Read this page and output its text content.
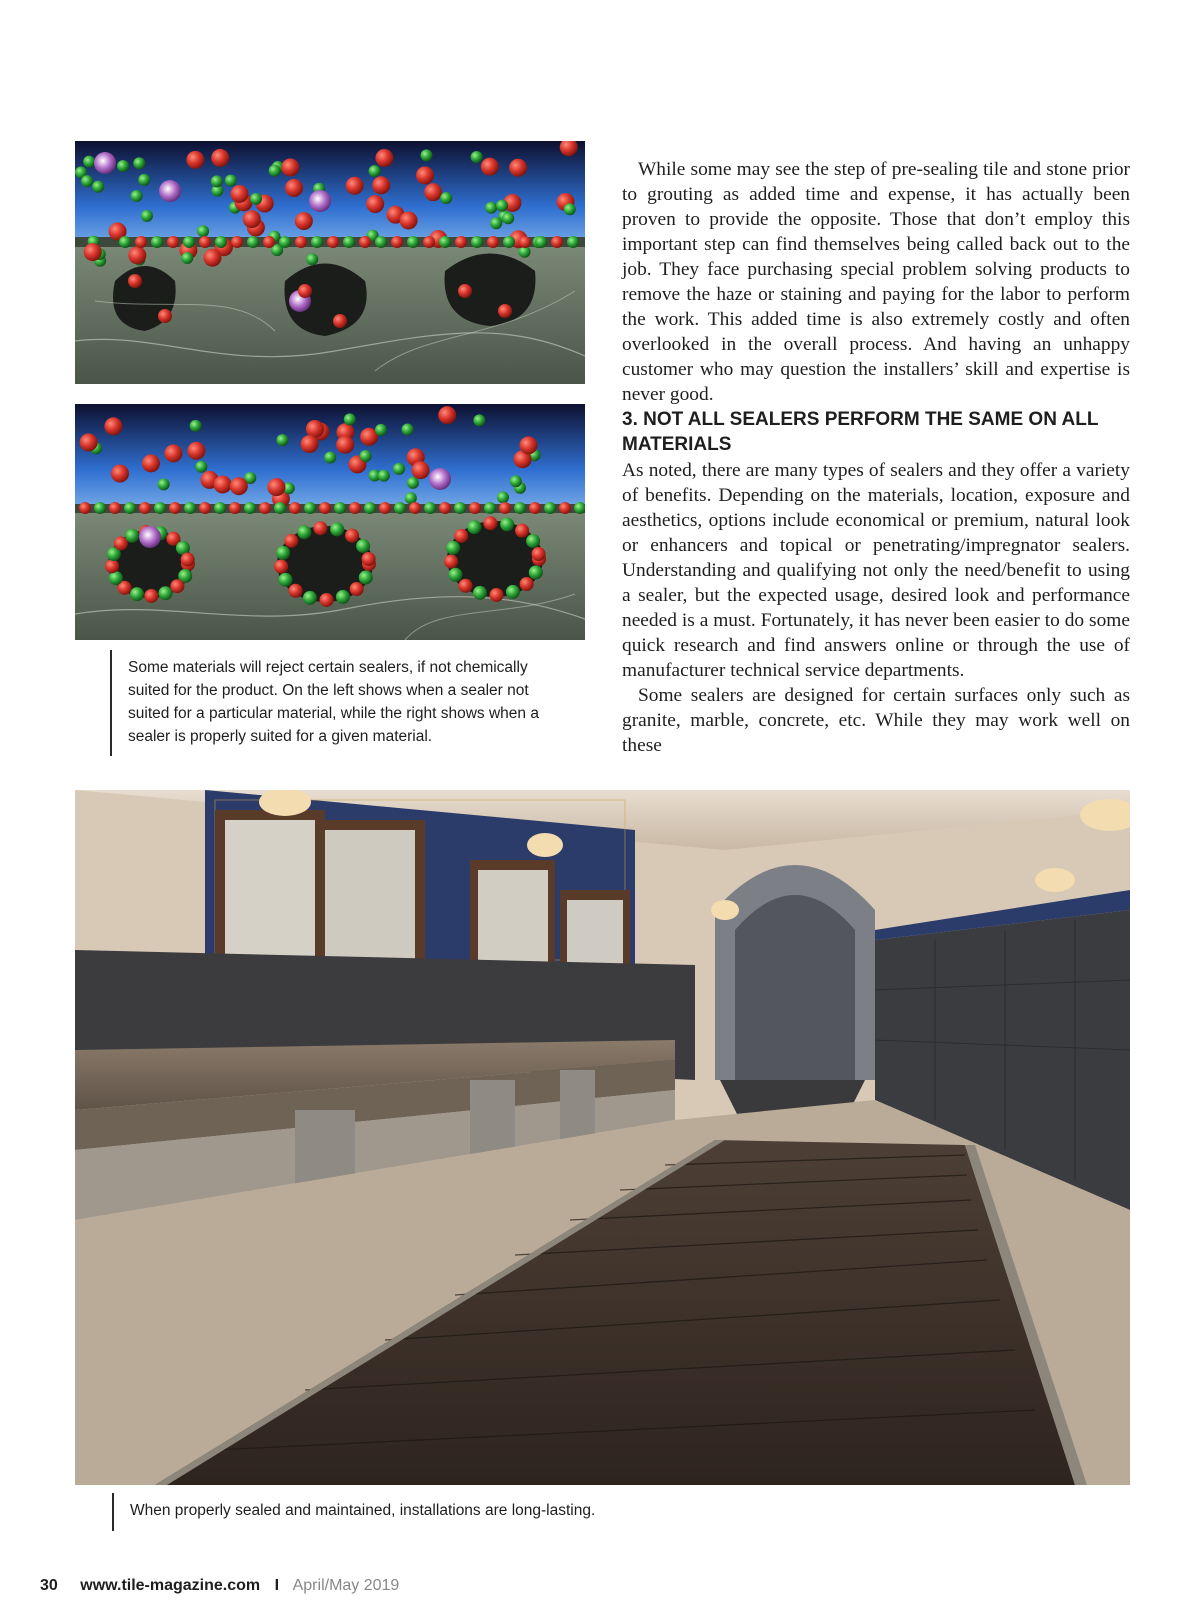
Some materials will reject certain sealers, if not chemically suited for the product. On the left shows when a sealer not suited for a particular material, while the right shows when a sealer is properly suited for a given material.

While some may see the step of pre-sealing tile and stone prior to grouting as added time and expense, it has actually been proven to provide the opposite. Those that don’t employ this important step can find themselves being called back out to the job. They face purchasing special problem solving products to remove the haze or staining and paying for the labor to perform the work. This added time is also extremely costly and often overlooked in the overall process. And having an unhappy customer who may question the installers’ skill and expertise is never good.

3. NOT ALL SEALERS PERFORM THE SAME ON ALL MATERIALS

As noted, there are many types of sealers and they offer a variety of benefits. Depending on the materials, location, exposure and aesthetics, options include economical or premium, natural look or enhancers and topical or penetrating/impregnator sealers. Understanding and qualifying not only the need/benefit to using a sealer, but the expected usage, desired look and performance needed is a must. Fortunately, it has never been easier to do some quick research and find answers online or through the use of manufacturer technical service departments.

Some sealers are designed for certain surfaces only such as granite, marble, concrete, etc. While they may work well on these

When properly sealed and maintained, installations are long-lasting.

30 www.tile-magazine.com I April/May 2019
